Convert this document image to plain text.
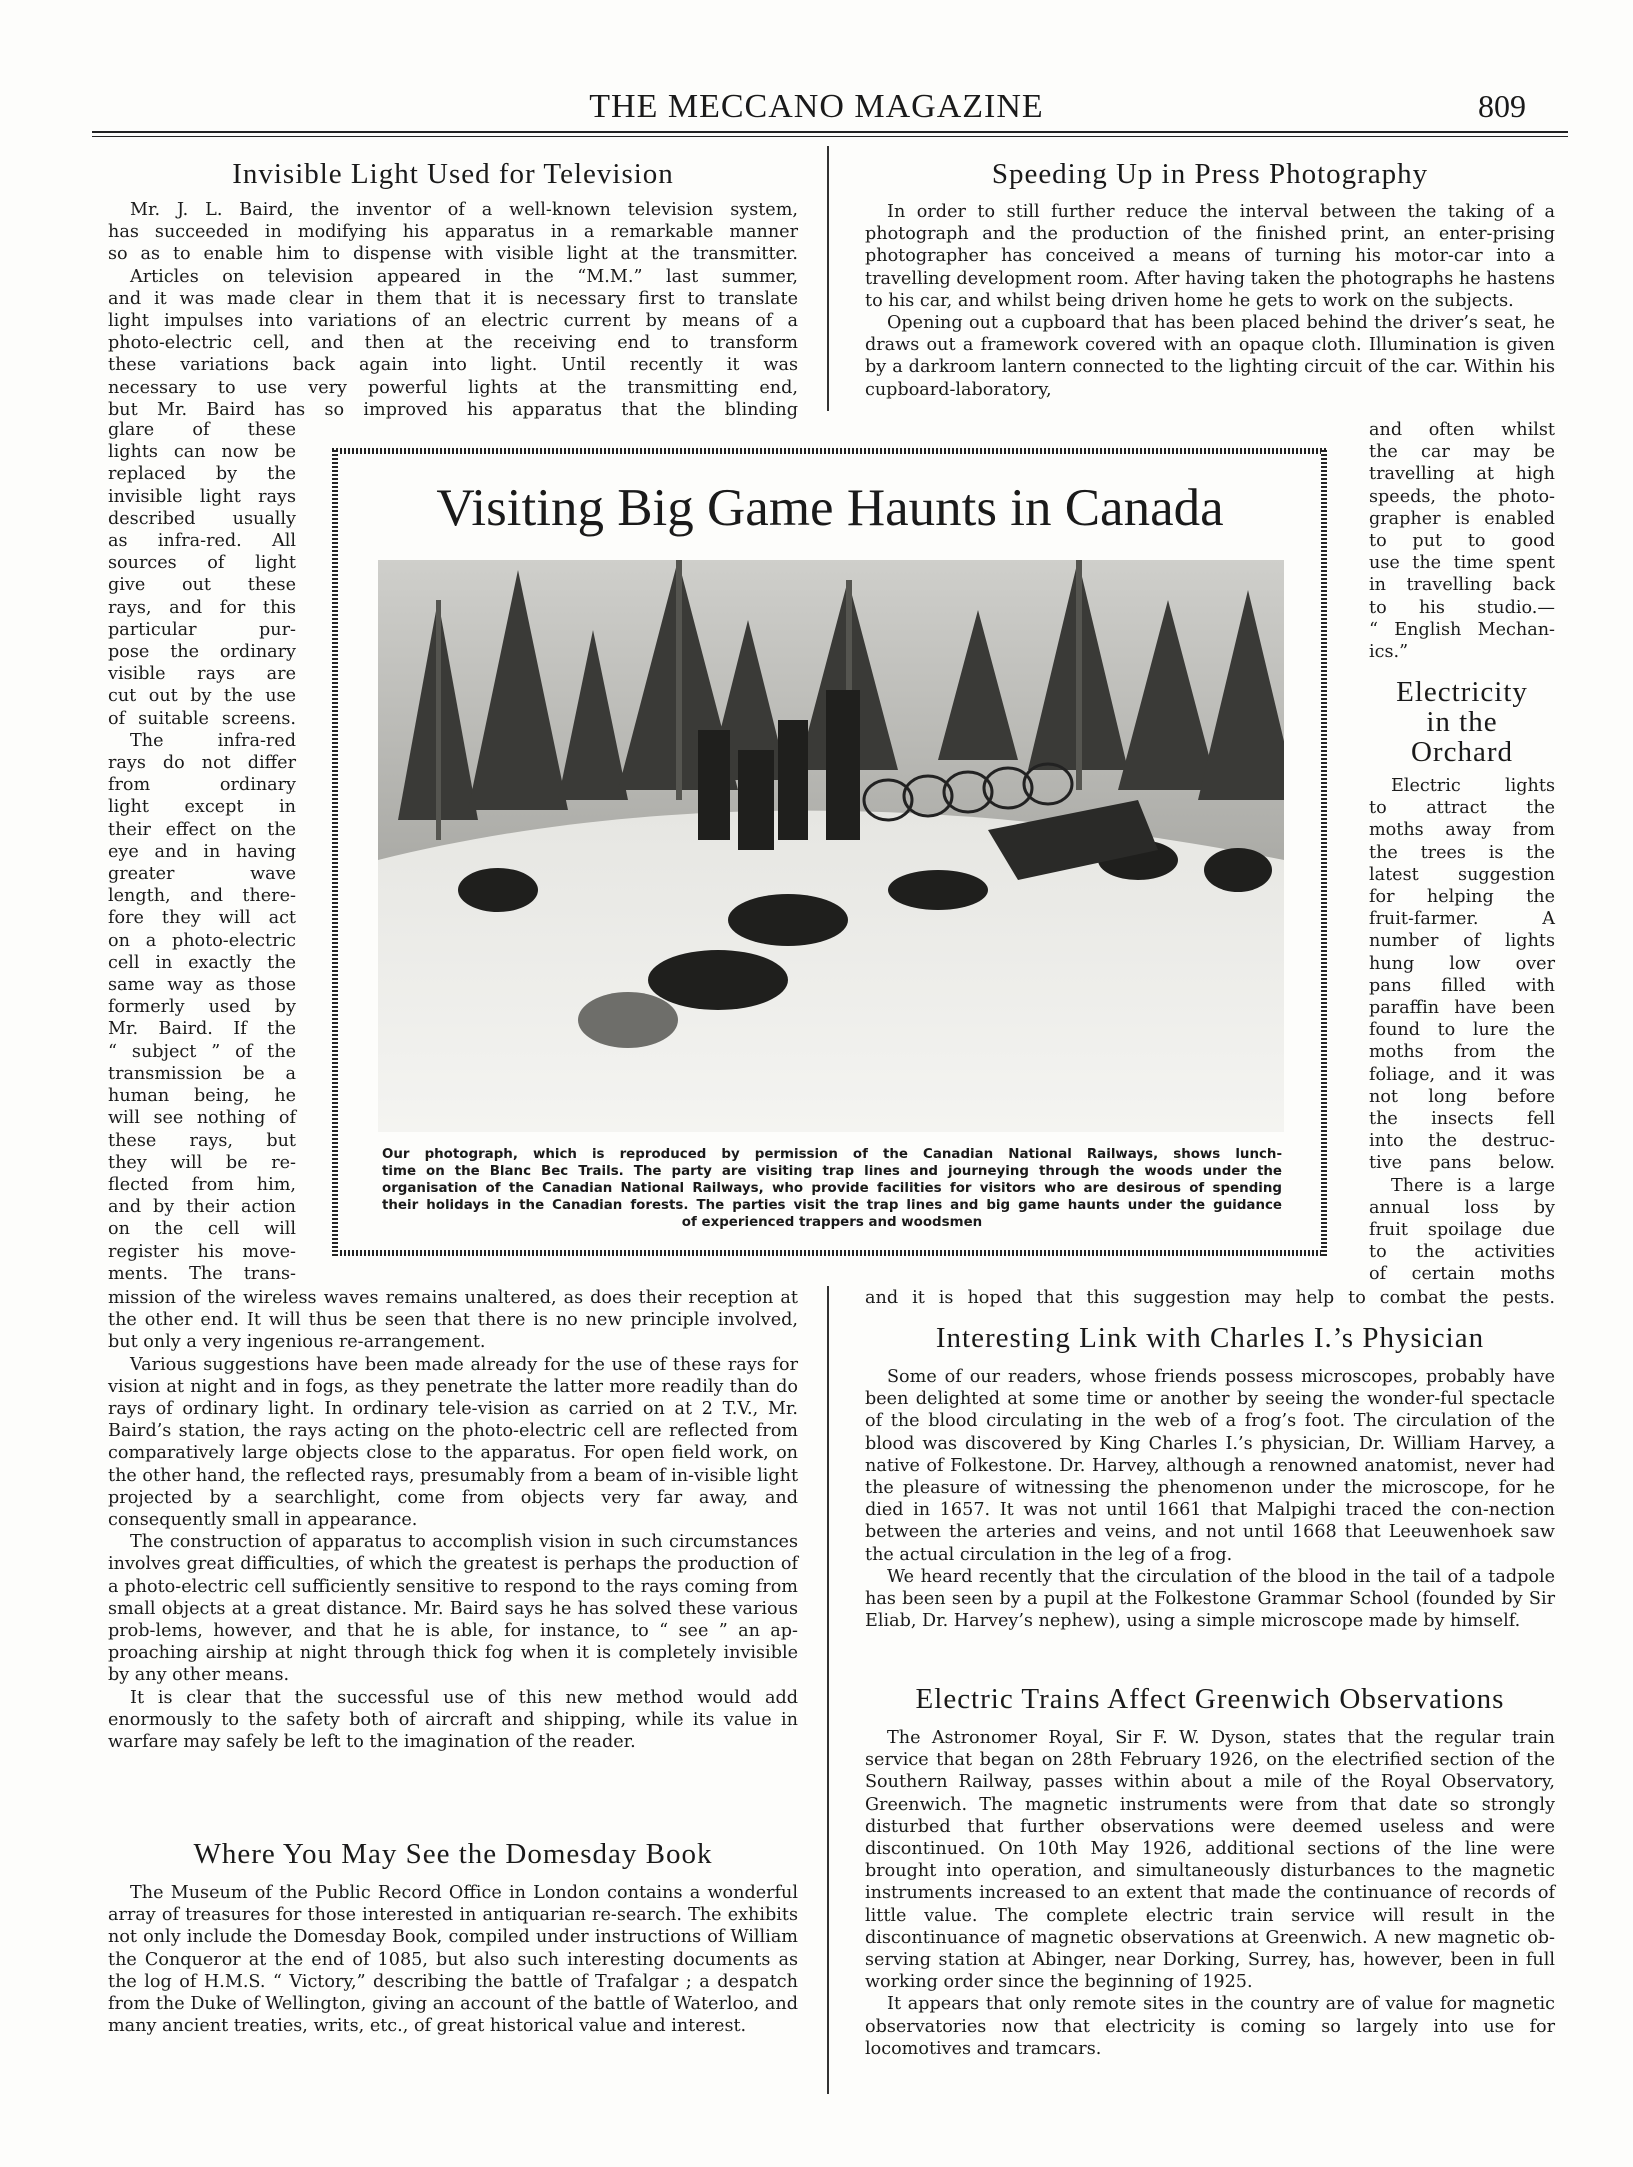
THE MECCANO MAGAZINE	809
Invisible Light Used for Television

Mr. J. L. Baird, the inventor of a well-known television system,

has succeeded in modifying his apparatus in a remarkable manner

so as to enable him to dispense with visible light at the transmitter.

Articles on television appeared in the “M.M.” last summer,

and it was made clear in them that it is necessary first to translate

light impulses into variations of an electric current by means of a

photo-electric cell, and then at the receiving end to transform

these variations back again into light. Until recently it was

necessary to use very powerful lights at the transmitting end,

but Mr. Baird has so improved his apparatus that the blinding

glare of these

lights can now be

replaced by the

invisible light rays

described usually

as infra-red. All

sources of light

give out these

rays, and for this

particular pur-

pose the ordinary

visible rays are

cut out by the use

of suitable screens.

The infra-red

rays do not differ

from ordinary

light except in

their effect on the

eye and in having

greater wave

length, and there-

fore they will act

on a photo-electric

cell in exactly the

same way as those

formerly used by

Mr. Baird. If the

“ subject ” of the

transmission be a

human being, he

will see nothing of

these rays, but

they will be re-

flected from him,

and by their action

on the cell will

register his move-

ments. The trans-

mission of the wireless waves remains unaltered, as does their reception at the other end. It will thus be seen that there is no new principle involved, but only a very ingenious re-arrangement.

Various suggestions have been made already for the use of these rays for vision at night and in fogs, as they penetrate the latter more readily than do rays of ordinary light. In ordinary tele-vision as carried on at 2 T.V., Mr. Baird’s station, the rays acting on the photo-electric cell are reflected from comparatively large objects close to the apparatus. For open field work, on the other hand, the reflected rays, presumably from a beam of in-visible light projected by a searchlight, come from objects very far away, and consequently small in appearance.

The construction of apparatus to accomplish vision in such circumstances involves great difficulties, of which the greatest is perhaps the production of a photo-electric cell sufficiently sensitive to respond to the rays coming from small objects at a great distance. Mr. Baird says he has solved these various prob-lems, however, and that he is able, for instance, to “ see ” an ap-proaching airship at night through thick fog when it is completely invisible by any other means.

It is clear that the successful use of this new method would add enormously to the safety both of aircraft and shipping, while its value in warfare may safely be left to the imagination of the reader.

Where You May See the Domesday Book

The Museum of the Public Record Office in London contains a wonderful array of treasures for those interested in antiquarian re-search. The exhibits not only include the Domesday Book, compiled under instructions of William the Conqueror at the end of 1085, but also such interesting documents as the log of H.M.S. “ Victory,” describing the battle of Trafalgar ; a despatch from the Duke of Wellington, giving an account of the battle of Waterloo, and many ancient treaties, writs, etc., of great historical value and interest.

Speeding Up in Press Photography

In order to still further reduce the interval between the taking of a photograph and the production of the finished print, an enter-prising photographer has conceived a means of turning his motor-car into a travelling development room. After having taken the photographs he hastens to his car, and whilst being driven home he gets to work on the subjects.

Opening out a cupboard that has been placed behind the driver’s seat, he draws out a framework covered with an opaque cloth. Illumination is given by a darkroom lantern connected to the lighting circuit of the car. Within his cupboard-laboratory,

and often whilst

the car may be

travelling at high

speeds, the photo-

grapher is enabled

to put to good

use the time spent

in travelling back

to his studio.—

“ English Mechan-

ics.”

Electricity
in the
Orchard

Electric lights

to attract the

moths away from

the trees is the

latest suggestion

for helping the

fruit-farmer. A

number of lights

hung low over

pans filled with

paraffin have been

found to lure the

moths from the

foliage, and it was

not long before

the insects fell

into the destruc-

tive pans below.

There is a large

annual loss by

fruit spoilage due

to the activities

of certain moths

and it is hoped that this suggestion may help to combat the pests.

Interesting Link with Charles I.’s Physician

Some of our readers, whose friends possess microscopes, probably have been delighted at some time or another by seeing the wonder-ful spectacle of the blood circulating in the web of a frog’s foot. The circulation of the blood was discovered by King Charles I.’s physician, Dr. William Harvey, a native of Folkestone. Dr. Harvey, although a renowned anatomist, never had the pleasure of witnessing the phenomenon under the microscope, for he died in 1657. It was not until 1661 that Malpighi traced the con-nection between the arteries and veins, and not until 1668 that Leeuwenhoek saw the actual circulation in the leg of a frog.

We heard recently that the circulation of the blood in the tail of a tadpole has been seen by a pupil at the Folkestone Grammar School (founded by Sir Eliab, Dr. Harvey’s nephew), using a simple microscope made by himself.

Electric Trains Affect Greenwich Observations

The Astronomer Royal, Sir F. W. Dyson, states that the regular train service that began on 28th February 1926, on the electrified section of the Southern Railway, passes within about a mile of the Royal Observatory, Greenwich. The magnetic instruments were from that date so strongly disturbed that further observations were deemed useless and were discontinued. On 10th May 1926, additional sections of the line were brought into operation, and simultaneously disturbances to the magnetic instruments increased to an extent that made the continuance of records of little value. The complete electric train service will result in the discontinuance of magnetic observations at Greenwich. A new magnetic ob-serving station at Abinger, near Dorking, Surrey, has, however, been in full working order since the beginning of 1925.

It appears that only remote sites in the country are of value for magnetic observatories now that electricity is coming so largely into use for locomotives and tramcars.

Visiting Big Game Haunts in Canada
Our photograph, which is reproduced by permission of the Canadian National Railways, shows lunch-
time on the Blanc Bec Trails. The party are visiting trap lines and journeying through the woods under the
organisation of the Canadian National Railways, who provide facilities for visitors who are desirous of spending
their holidays in the Canadian forests. The parties visit the trap lines and big game haunts under the guidance
of experienced trappers and woodsmen
